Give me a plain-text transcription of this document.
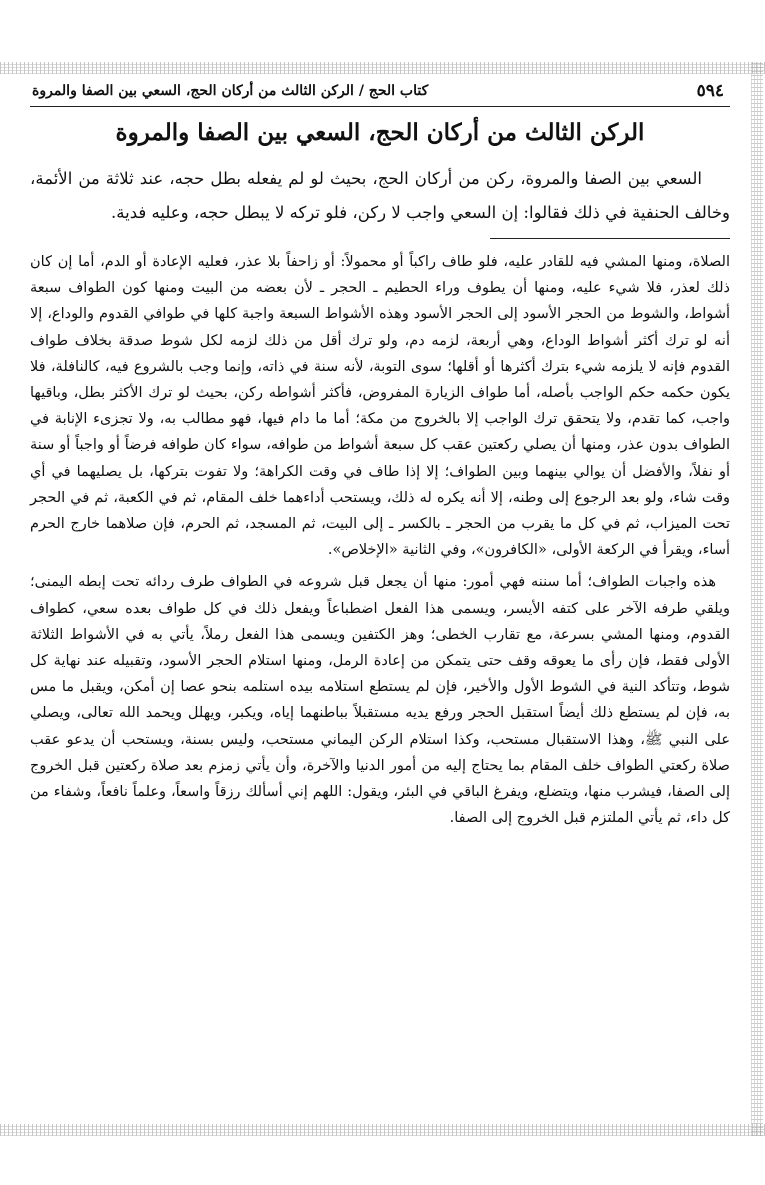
٥٩٤
كتاب الحج / الركن الثالث من أركان الحج، السعي بين الصفا والمروة
الركن الثالث من أركان الحج، السعي بين الصفا والمروة

السعي بين الصفا والمروة، ركن من أركان الحج، بحيث لو لم يفعله بطل حجه، عند ثلاثة من الأئمة، وخالف الحنفية في ذلك فقالوا: إن السعي واجب لا ركن، فلو تركه لا يبطل حجه، وعليه فدية.

الصلاة، ومنها المشي فيه للقادر عليه، فلو طاف راكباً أو محمولاً: أو زاحفاً بلا عذر، فعليه الإعادة أو الدم، أما إن كان ذلك لعذر، فلا شيء عليه، ومنها أن يطوف وراء الحطيم ـ الحجر ـ لأن بعضه من البيت ومنها كون الطواف سبعة أشواط، والشوط من الحجر الأسود إلى الحجر الأسود وهذه الأشواط السبعة واجبة كلها في طوافي القدوم والوداع، إلا أنه لو ترك أكثر أشواط الوداع، وهي أربعة، لزمه دم، ولو ترك أقل من ذلك لزمه لكل شوط صدقة بخلاف طواف القدوم فإنه لا يلزمه شيء بترك أكثرها أو أقلها؛ سوى التوبة، لأنه سنة في ذاته، وإنما وجب بالشروع فيه، كالنافلة، فلا يكون حكمه حكم الواجب بأصله، أما طواف الزيارة المفروض، فأكثر أشواطه ركن، بحيث لو ترك الأكثر بطل، وباقيها واجب، كما تقدم، ولا يتحقق ترك الواجب إلا بالخروج من مكة؛ أما ما دام فيها، فهو مطالب به، ولا تجزىء الإنابة في الطواف بدون عذر، ومنها أن يصلي ركعتين عقب كل سبعة أشواط من طوافه، سواء كان طوافه فرضاً أو واجباً أو سنة أو نفلاً، والأفضل أن يوالي بينهما وبين الطواف؛ إلا إذا طاف في وقت الكراهة؛ ولا تفوت بتركها، بل يصليهما في أي وقت شاء، ولو بعد الرجوع إلى وطنه، إلا أنه يكره له ذلك، ويستحب أداءهما خلف المقام، ثم في الكعبة، ثم في الحجر تحت الميزاب، ثم في كل ما يقرب من الحجر ـ بالكسر ـ إلى البيت، ثم المسجد، ثم الحرم، فإن صلاهما خارج الحرم أساء، ويقرأ في الركعة الأولى، «الكافرون»، وفي الثانية «الإخلاص».

هذه واجبات الطواف؛ أما سننه فهي أمور: منها أن يجعل قبل شروعه في الطواف طرف ردائه تحت إبطه اليمنى؛ ويلقي طرفه الآخر على كتفه الأيسر، ويسمى هذا الفعل اضطباعاً ويفعل ذلك في كل طواف بعده سعي، كطواف القدوم، ومنها المشي بسرعة، مع تقارب الخطى؛ وهز الكتفين ويسمى هذا الفعل رملاً، يأتي به في الأشواط الثلاثة الأولى فقط، فإن رأى ما يعوقه وقف حتى يتمكن من إعادة الرمل، ومنها استلام الحجر الأسود، وتقبيله عند نهاية كل شوط، وتتأكد النية في الشوط الأول والأخير، فإن لم يستطع استلامه بيده استلمه بنحو عصا إن أمكن، ويقبل ما مس به، فإن لم يستطع ذلك أيضاً استقبل الحجر ورفع يديه مستقبلاً بباطنهما إياه، ويكبر، ويهلل ويحمد الله تعالى، ويصلي على النبي ﷺ، وهذا الاستقبال مستحب، وكذا استلام الركن اليماني مستحب، وليس بسنة، ويستحب أن يدعو عقب صلاة ركعتي الطواف خلف المقام بما يحتاج إليه من أمور الدنيا والآخرة، وأن يأتي زمزم بعد صلاة ركعتين قبل الخروج إلى الصفا، فيشرب منها، ويتضلع، ويفرغ الباقي في البئر، ويقول: اللهم إني أسألك رزقاً واسعاً، وعلماً نافعاً، وشفاء من كل داء، ثم يأتي الملتزم قبل الخروج إلى الصفا.
